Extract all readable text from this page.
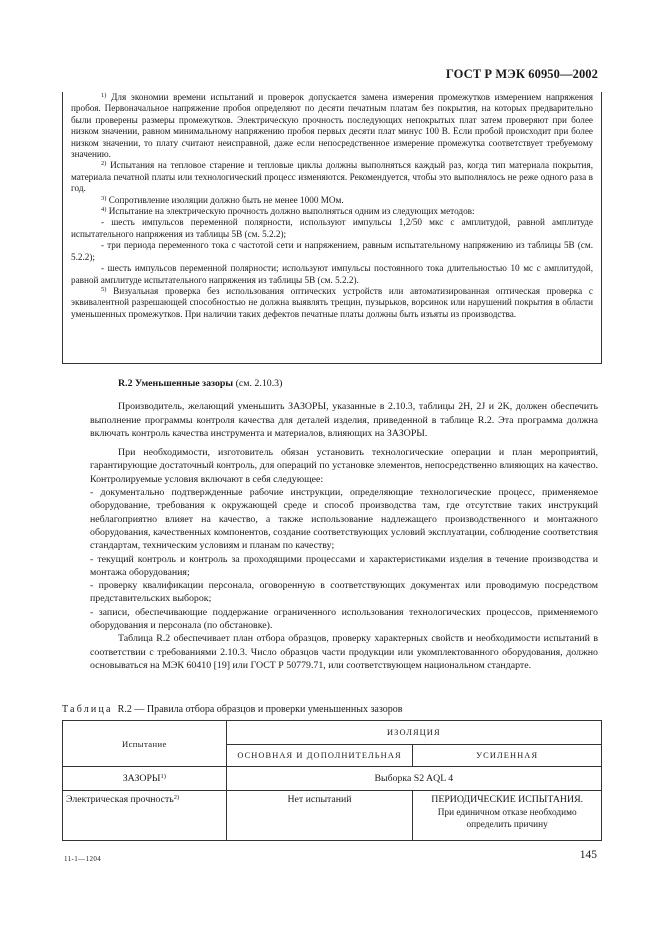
ГОСТ Р МЭК 60950—2002

$^{1)}$ Для экономии времени испытаний и проверок допускается замена измерения промежутков измерением напряжения пробоя. Первоначальное напряжение пробоя определяют по десяти печатным платам без покрытия, на которых предварительно были проверены размеры промежутков. Электрическую прочность последующих непокрытых плат затем проверяют при более низком значении, равном минимальному напряжению пробоя первых десяти плат минус 100 В. Если пробой происходит при более низком значении, то плату считают неисправной, даже если непосредственное измерение промежутка соответствует требуемому значению.

$^{2)}$ Испытания на тепловое старение и тепловые циклы должны выполняться каждый раз, когда тип материала покрытия, материала печатной платы или технологический процесс изменяются. Рекомендуется, чтобы это выполнялось не реже одного раза в год.

$^{3)}$ Сопротивление изоляции должно быть не менее 1000 МОм.

$^{4)}$ Испытание на электрическую прочность должно выполняться одним из следующих методов:

- шесть импульсов переменной полярности, используют импульсы 1,2/50 мкс с амплитудой, равной амплитуде испытательного напряжения из таблицы 5В (см. 5.2.2);

- три периода переменного тока с частотой сети и напряжением, равным испытательному напряжению из таблицы 5В (см. 5.2.2);

- шесть импульсов переменной полярности; используют импульсы постоянного тока длительностью 10 мс с амплитудой, равной амплитуде испытательного напряжения из таблицы 5В (см. 5.2.2).

$^{5)}$ Визуальная проверка без использования оптических устройств или автоматизированная оптическая проверка с эквивалентной разрешающей способностью не должна выявлять трещин, пузырьков, ворсинок или нарушений покрытия в области уменьшенных промежутков. При наличии таких дефектов печатные платы должны быть изъяты из производства.

R.2 Уменьшенные зазоры (см. 2.10.3)

Производитель, желающий уменьшить ЗАЗОРЫ, указанные в 2.10.3, таблицы 2Н, 2J и 2K, должен обеспечить выполнение программы контроля качества для деталей изделия, приведенной в таблице R.2. Эта программа должна включать контроль качества инструмента и материалов, влияющих на ЗАЗОРЫ.

При необходимости, изготовитель обязан установить технологические операции и план мероприятий, гарантирующие достаточный контроль, для операций по установке элементов, непосредственно влияющих на качество. Контролируемые условия включают в себя следующее:

- документально подтвержденные рабочие инструкции, определяющие технологические процесс, применяемое оборудование, требования к окружающей среде и способ производства там, где отсутствие таких инструкций неблагоприятно влияет на качество, а также использование надлежащего производственного и монтажного оборудования, качественных компонентов, создание соответствующих условий эксплуатации, соблюдение соответствия стандартам, техническим условиям и планам по качеству;

- текущий контроль и контроль за проходящими процессами и характеристиками изделия в течение производства и монтажа оборудования;

- проверку квалификации персонала, оговоренную в соответствующих документах или проводимую посредством представительских выборок;

- записи, обеспечивающие поддержание ограниченного использования технологических процессов, применяемого оборудования и персонала (по обстановке).

Таблица R.2 обеспечивает план отбора образцов, проверку характерных свойств и необходимости испытаний в соответствии с требованиями 2.10.3. Число образцов части продукции или укомплектованного оборудования, должно основываться на МЭК 60410 [19] или ГОСТ Р 50779.71, или соответствующем национальном стандарте.

Таблица R.2 — Правила отбора образцов и проверки уменьшенных зазоров
Испытание	ИЗОЛЯЦИЯ	
	ОСНОВНАЯ И ДОПОЛНИТЕЛЬНАЯ	УСИЛЕННАЯ
ЗАЗОРЫ$^{1)}$	Выборка S2 AQL 4	
Электрическая прочность$^{2)}$	Нет испытаний	ПЕРИОДИЧЕСКИЕ ИСПЫТАНИЯ.
При единичном отказе необходимо определить причину
11-1—1204	145
